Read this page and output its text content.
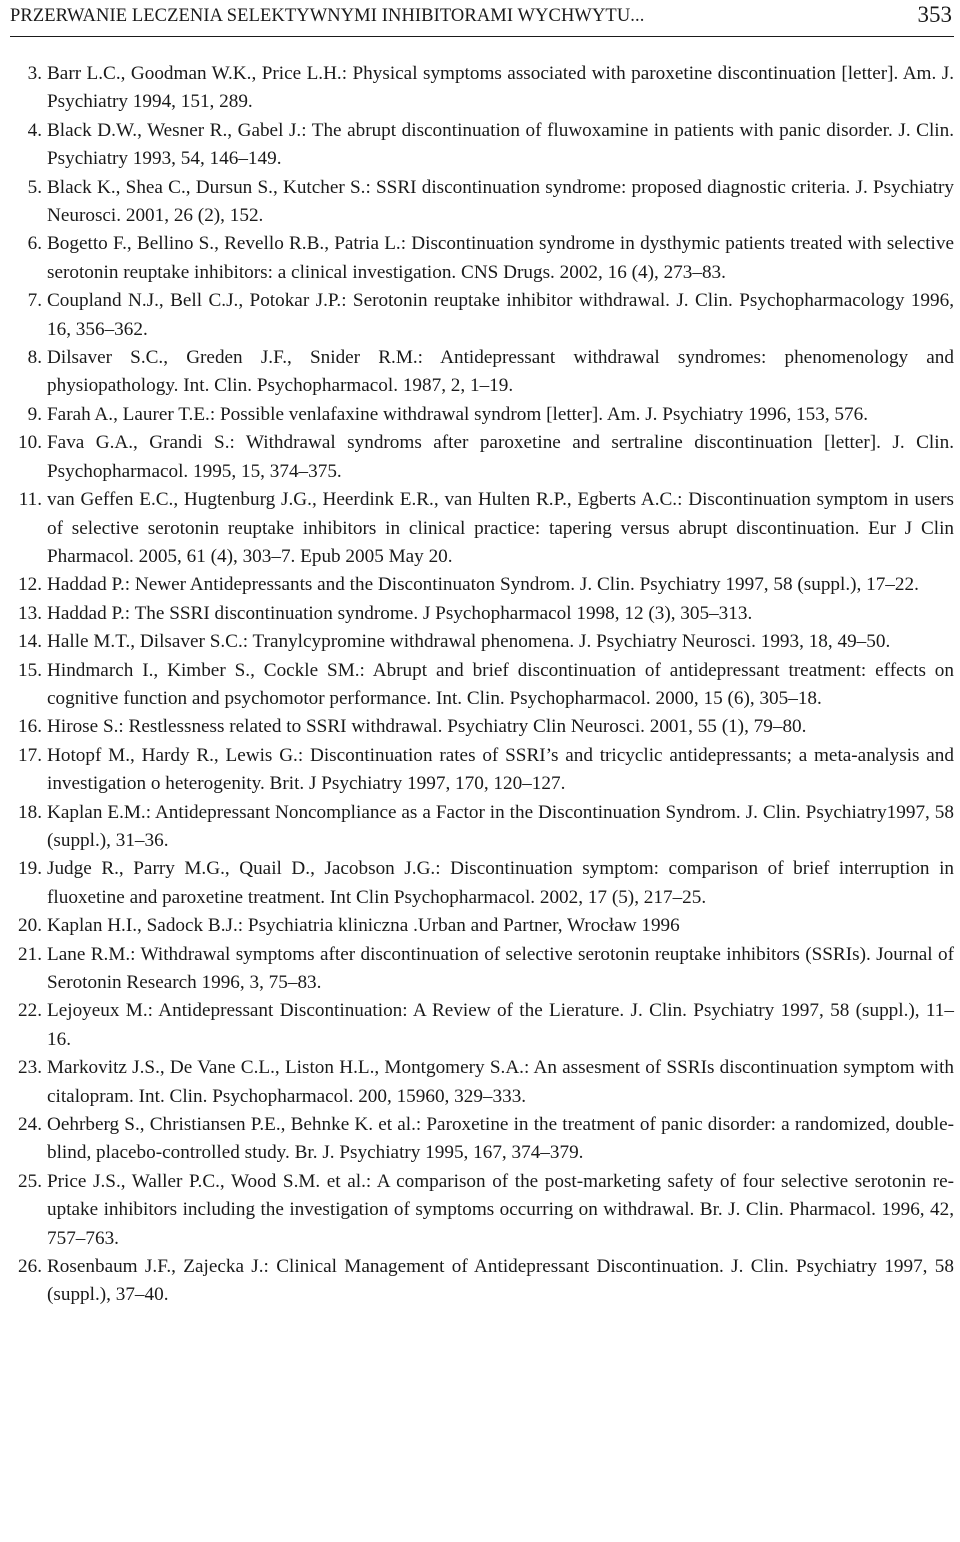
PRZERWANIE LECZENIA SELEKTYWNYMI INHIBITORAMI WYCHWYTU...	353
3. Barr L.C., Goodman W.K., Price L.H.: Physical symptoms associated with paroxetine discontinuation [letter]. Am. J. Psychiatry 1994, 151, 289.
4. Black D.W., Wesner R., Gabel J.: The abrupt discontinuation of fluwoxamine in patients with panic disorder. J. Clin. Psychiatry 1993, 54, 146–149.
5. Black K., Shea C., Dursun S., Kutcher S.: SSRI discontinuation syndrome: proposed diagnostic criteria. J. Psychiatry Neurosci. 2001, 26 (2), 152.
6. Bogetto F., Bellino S., Revello R.B., Patria L.: Discontinuation syndrome in dysthymic patients treated with selective serotonin reuptake inhibitors: a clinical investigation. CNS Drugs. 2002, 16 (4), 273–83.
7. Coupland N.J., Bell C.J., Potokar J.P.: Serotonin reuptake inhibitor withdrawal. J. Clin. Psychopharmacology 1996, 16, 356–362.
8. Dilsaver S.C., Greden J.F., Snider R.M.: Antidepressant withdrawal syndromes: phenomenology and physiopathology. Int. Clin. Psychopharmacol. 1987, 2, 1–19.
9. Farah A., Laurer T.E.: Possible venlafaxine withdrawal syndrom [letter]. Am. J. Psychiatry 1996, 153, 576.
10. Fava G.A., Grandi S.: Withdrawal syndroms after paroxetine and sertraline discontinuation [letter]. J. Clin. Psychopharmacol. 1995, 15, 374–375.
11. van Geffen E.C., Hugtenburg J.G., Heerdink E.R., van Hulten R.P., Egberts A.C.: Discontinuation symptom in users of selective serotonin reuptake inhibitors in clinical practice: tapering versus abrupt discontinuation. Eur J Clin Pharmacol. 2005, 61 (4), 303–7. Epub 2005 May 20.
12. Haddad P.: Newer Antidepressants and the Discontinuaton Syndrom. J. Clin. Psychiatry 1997, 58 (suppl.), 17–22.
13. Haddad P.: The SSRI discontinuation syndrome. J Psychopharmacol 1998, 12 (3), 305–313.
14. Halle M.T., Dilsaver S.C.: Tranylcypromine withdrawal phenomena. J. Psychiatry Neurosci. 1993, 18, 49–50.
15. Hindmarch I., Kimber S., Cockle SM.: Abrupt and brief discontinuation of antidepressant treatment: effects on cognitive function and psychomotor performance. Int. Clin. Psychopharmacol. 2000, 15 (6), 305–18.
16. Hirose S.: Restlessness related to SSRI withdrawal. Psychiatry Clin Neurosci. 2001, 55 (1), 79–80.
17. Hotopf M., Hardy R., Lewis G.: Discontinuation rates of SSRI’s and tricyclic antidepressants; a meta-analysis and investigation o heterogenity. Brit. J Psychiatry 1997, 170, 120–127.
18. Kaplan E.M.: Antidepressant Noncompliance as a Factor in the Discontinuation Syndrom. J. Clin. Psychiatry1997, 58 (suppl.), 31–36.
19. Judge R., Parry M.G., Quail D., Jacobson J.G.: Discontinuation symptom: comparison of brief interruption in fluoxetine and paroxetine treatment. Int Clin Psychopharmacol. 2002, 17 (5), 217–25.
20. Kaplan H.I., Sadock B.J.: Psychiatria kliniczna .Urban and Partner, Wrocław 1996
21. Lane R.M.: Withdrawal symptoms after discontinuation of selective serotonin reuptake inhibitors (SSRIs). Journal of Serotonin Research 1996, 3, 75–83.
22. Lejoyeux M.: Antidepressant Discontinuation: A Review of the Lierature. J. Clin. Psychiatry 1997, 58 (suppl.), 11–16.
23. Markovitz J.S., De Vane C.L., Liston H.L., Montgomery S.A.: An assesment of SSRIs discontinuation symptom with citalopram. Int. Clin. Psychopharmacol. 200, 15960, 329–333.
24. Oehrberg S., Christiansen P.E., Behnke K. et al.: Paroxetine in the treatment of panic disorder: a randomized, double-blind, placebo-controlled study. Br. J. Psychiatry 1995, 167, 374–379.
25. Price J.S., Waller P.C., Wood S.M. et al.: A comparison of the post-marketing safety of four selective serotonin re-uptake inhibitors including the investigation of symptoms occurring on withdrawal. Br. J. Clin. Pharmacol. 1996, 42, 757–763.
26. Rosenbaum J.F., Zajecka J.: Clinical Management of Antidepressant Discontinuation. J. Clin. Psychiatry 1997, 58 (suppl.), 37–40.
